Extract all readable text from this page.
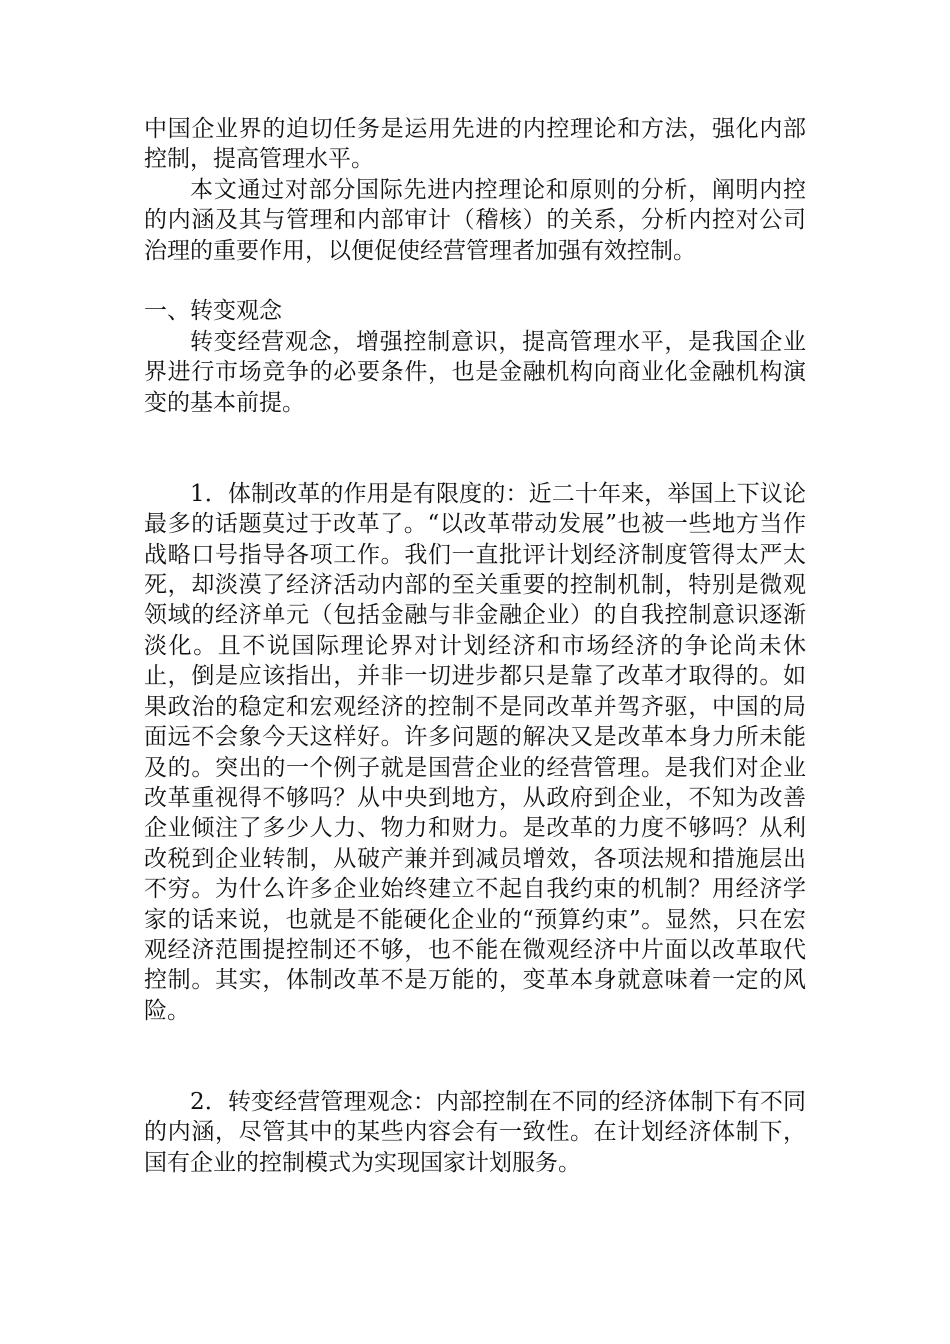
中国企业界的迫切任务是运用先进的内控理论和方法，强化内部控制，提高管理水平。

本文通过对部分国际先进内控理论和原则的分析，阐明内控的内涵及其与管理和内部审计（稽核）的关系，分析内控对公司治理的重要作用，以便促使经营管理者加强有效控制。

一、转变观念

转变经营观念，增强控制意识，提高管理水平，是我国企业界进行市场竞争的必要条件，也是金融机构向商业化金融机构演变的基本前提。

1．体制改革的作用是有限度的：近二十年来，举国上下议论最多的话题莫过于改革了。“以改革带动发展”也被一些地方当作战略口号指导各项工作。我们一直批评计划经济制度管得太严太死，却淡漠了经济活动内部的至关重要的控制机制，特别是微观领域的经济单元（包括金融与非金融企业）的自我控制意识逐渐淡化。且不说国际理论界对计划经济和市场经济的争论尚未休止，倒是应该指出，并非一切进步都只是靠了改革才取得的。如果政治的稳定和宏观经济的控制不是同改革并驾齐驱，中国的局面远不会象今天这样好。许多问题的解决又是改革本身力所未能及的。突出的一个例子就是国营企业的经营管理。是我们对企业改革重视得不够吗？从中央到地方，从政府到企业，不知为改善企业倾注了多少人力、物力和财力。是改革的力度不够吗？从利改税到企业转制，从破产兼并到减员增效，各项法规和措施层出不穷。为什么许多企业始终建立不起自我约束的机制？用经济学家的话来说，也就是不能硬化企业的“预算约束”。显然，只在宏观经济范围提控制还不够，也不能在微观经济中片面以改革取代控制。其实，体制改革不是万能的，变革本身就意味着一定的风险。

2．转变经营管理观念：内部控制在不同的经济体制下有不同的内涵，尽管其中的某些内容会有一致性。在计划经济体制下，国有企业的控制模式为实现国家计划服务。
